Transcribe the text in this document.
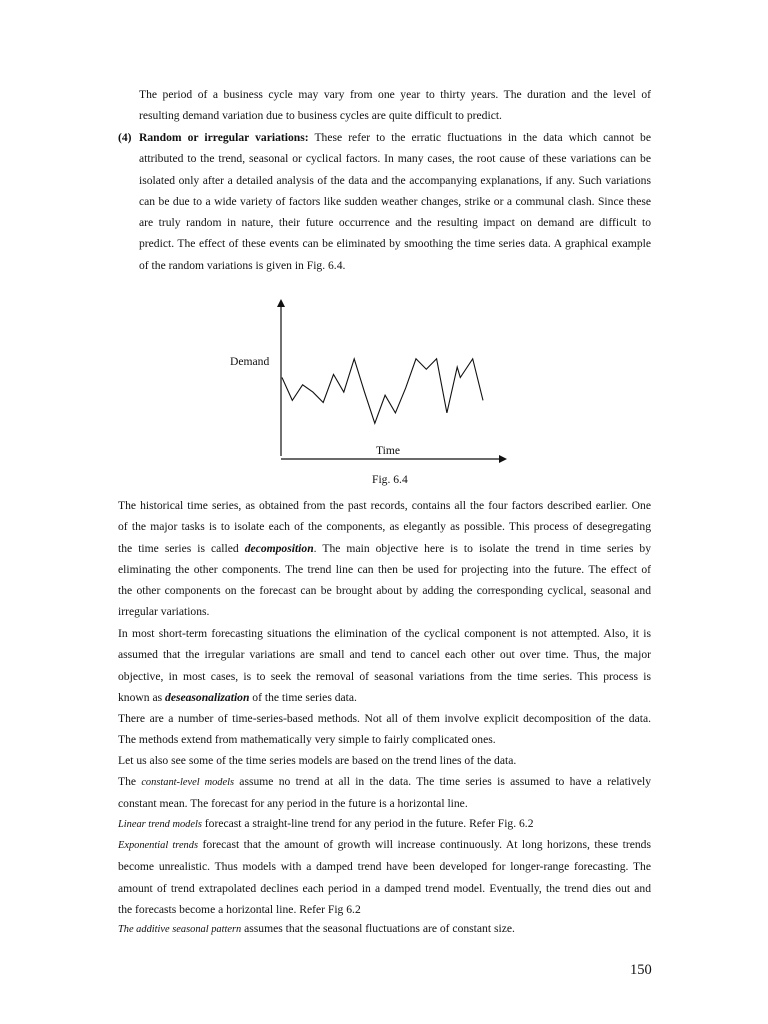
The period of a business cycle may vary from one year to thirty years. The duration and the level of
resulting demand variation due to business cycles are quite difficult to predict.

(4) Random or irregular variations: These refer to the erratic fluctuations in the data which cannot be
attributed to the trend, seasonal or cyclical factors. In many cases, the root cause of these variations can be
isolated only after a detailed analysis of the data and the accompanying explanations, if any. Such variations
can be due to a wide variety of factors like sudden weather changes, strike or a communal clash. Since these
are truly random in nature, their future occurrence and the resulting impact on demand are difficult to
predict. The effect of these events can be eliminated by smoothing the time series data. A graphical example
of the random variations is given in Fig. 6.4.

Demand
Time
Fig. 6.4

The historical time series, as obtained from the past records, contains all the four factors described earlier. One
of the major tasks is to isolate each of the components, as elegantly as possible. This process of desegregating
the time series is called decomposition. The main objective here is to isolate the trend in time series by
eliminating the other components. The trend line can then be used for projecting into the future. The effect of
the other components on the forecast can be brought about by adding the corresponding cyclical, seasonal and
irregular variations.

In most short-term forecasting situations the elimination of the cyclical component is not attempted. Also, it is
assumed that the irregular variations are small and tend to cancel each other out over time. Thus, the major
objective, in most cases, is to seek the removal of seasonal variations from the time series. This process is
known as deseasonalization of the time series data.

There are a number of time-series-based methods. Not all of them involve explicit decomposition of the data.
The methods extend from mathematically very simple to fairly complicated ones.

Let us also see some of the time series models are based on the trend lines of the data.

The constant-level models assume no trend at all in the data. The time series is assumed to have a relatively
constant mean. The forecast for any period in the future is a horizontal line.

Linear trend models forecast a straight-line trend for any period in the future. Refer Fig. 6.2

Exponential trends forecast that the amount of growth will increase continuously. At long horizons, these trends
become unrealistic. Thus models with a damped trend have been developed for longer-range forecasting. The
amount of trend extrapolated declines each period in a damped trend model. Eventually, the trend dies out and
the forecasts become a horizontal line. Refer Fig 6.2

The additive seasonal pattern assumes that the seasonal fluctuations are of constant size.

150
